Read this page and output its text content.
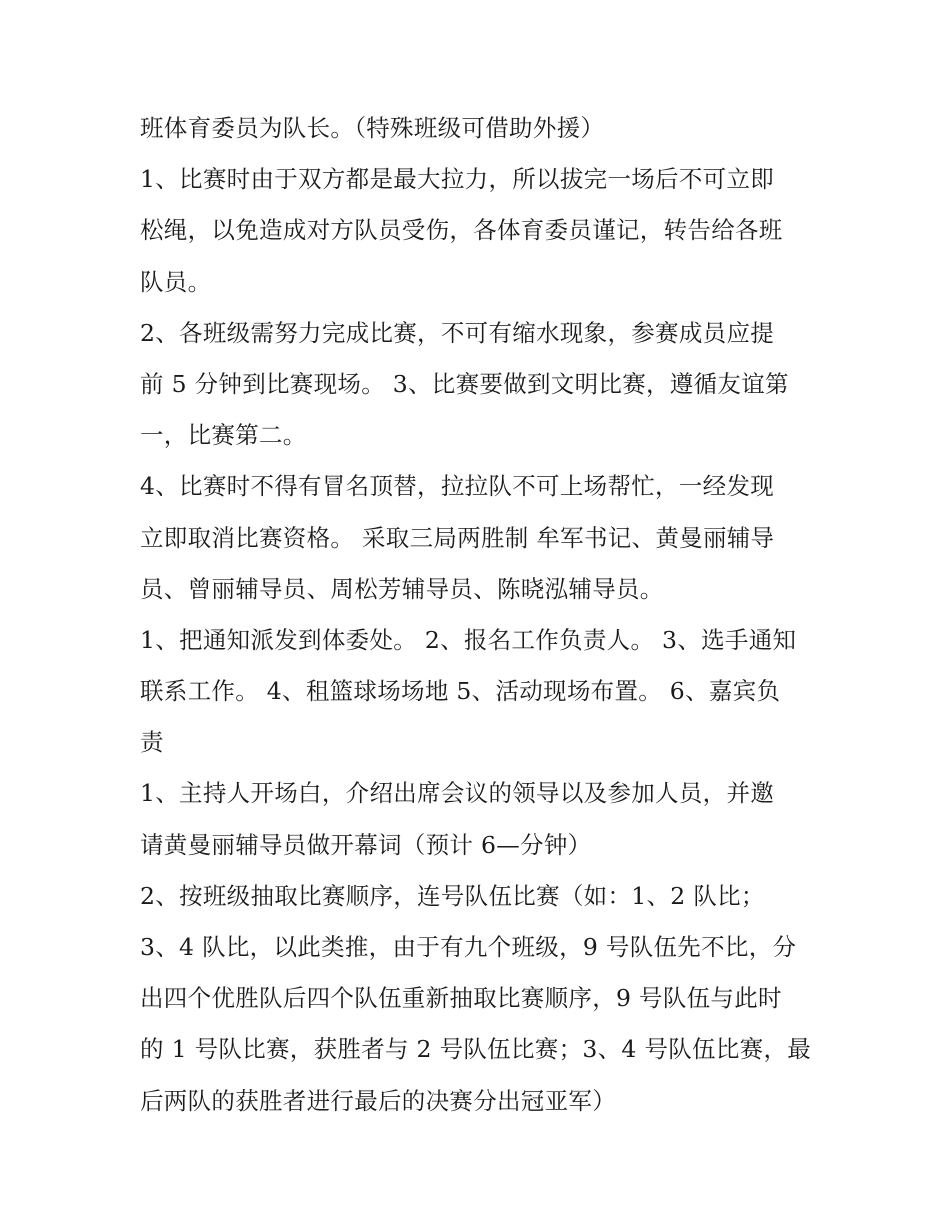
班体育委员为队长。（特殊班级可借助外援）
1、比赛时由于双方都是最大拉力，所以拔完一场后不可立即
松绳，以免造成对方队员受伤，各体育委员谨记，转告给各班
队员。
2、各班级需努力完成比赛，不可有缩水现象，参赛成员应提
前 5 分钟到比赛现场。 3、比赛要做到文明比赛，遵循友谊第
一，比赛第二。
4、比赛时不得有冒名顶替，拉拉队不可上场帮忙，一经发现
立即取消比赛资格。 采取三局两胜制 牟军书记、黄曼丽辅导
员、曾丽辅导员、周松芳辅导员、陈晓泓辅导员。
1、把通知派发到体委处。 2、报名工作负责人。 3、选手通知
联系工作。 4、租篮球场场地 5、活动现场布置。 6、嘉宾负
责
1、主持人开场白，介绍出席会议的领导以及参加人员，并邀
请黄曼丽辅导员做开幕词（预计 6—分钟）
2、按班级抽取比赛顺序，连号队伍比赛（如：1、2 队比；
3、4 队比，以此类推，由于有九个班级，9 号队伍先不比，分
出四个优胜队后四个队伍重新抽取比赛顺序，9 号队伍与此时
的 1 号队比赛，获胜者与 2 号队伍比赛；3、4 号队伍比赛，最
后两队的获胜者进行最后的决赛分出冠亚军）
